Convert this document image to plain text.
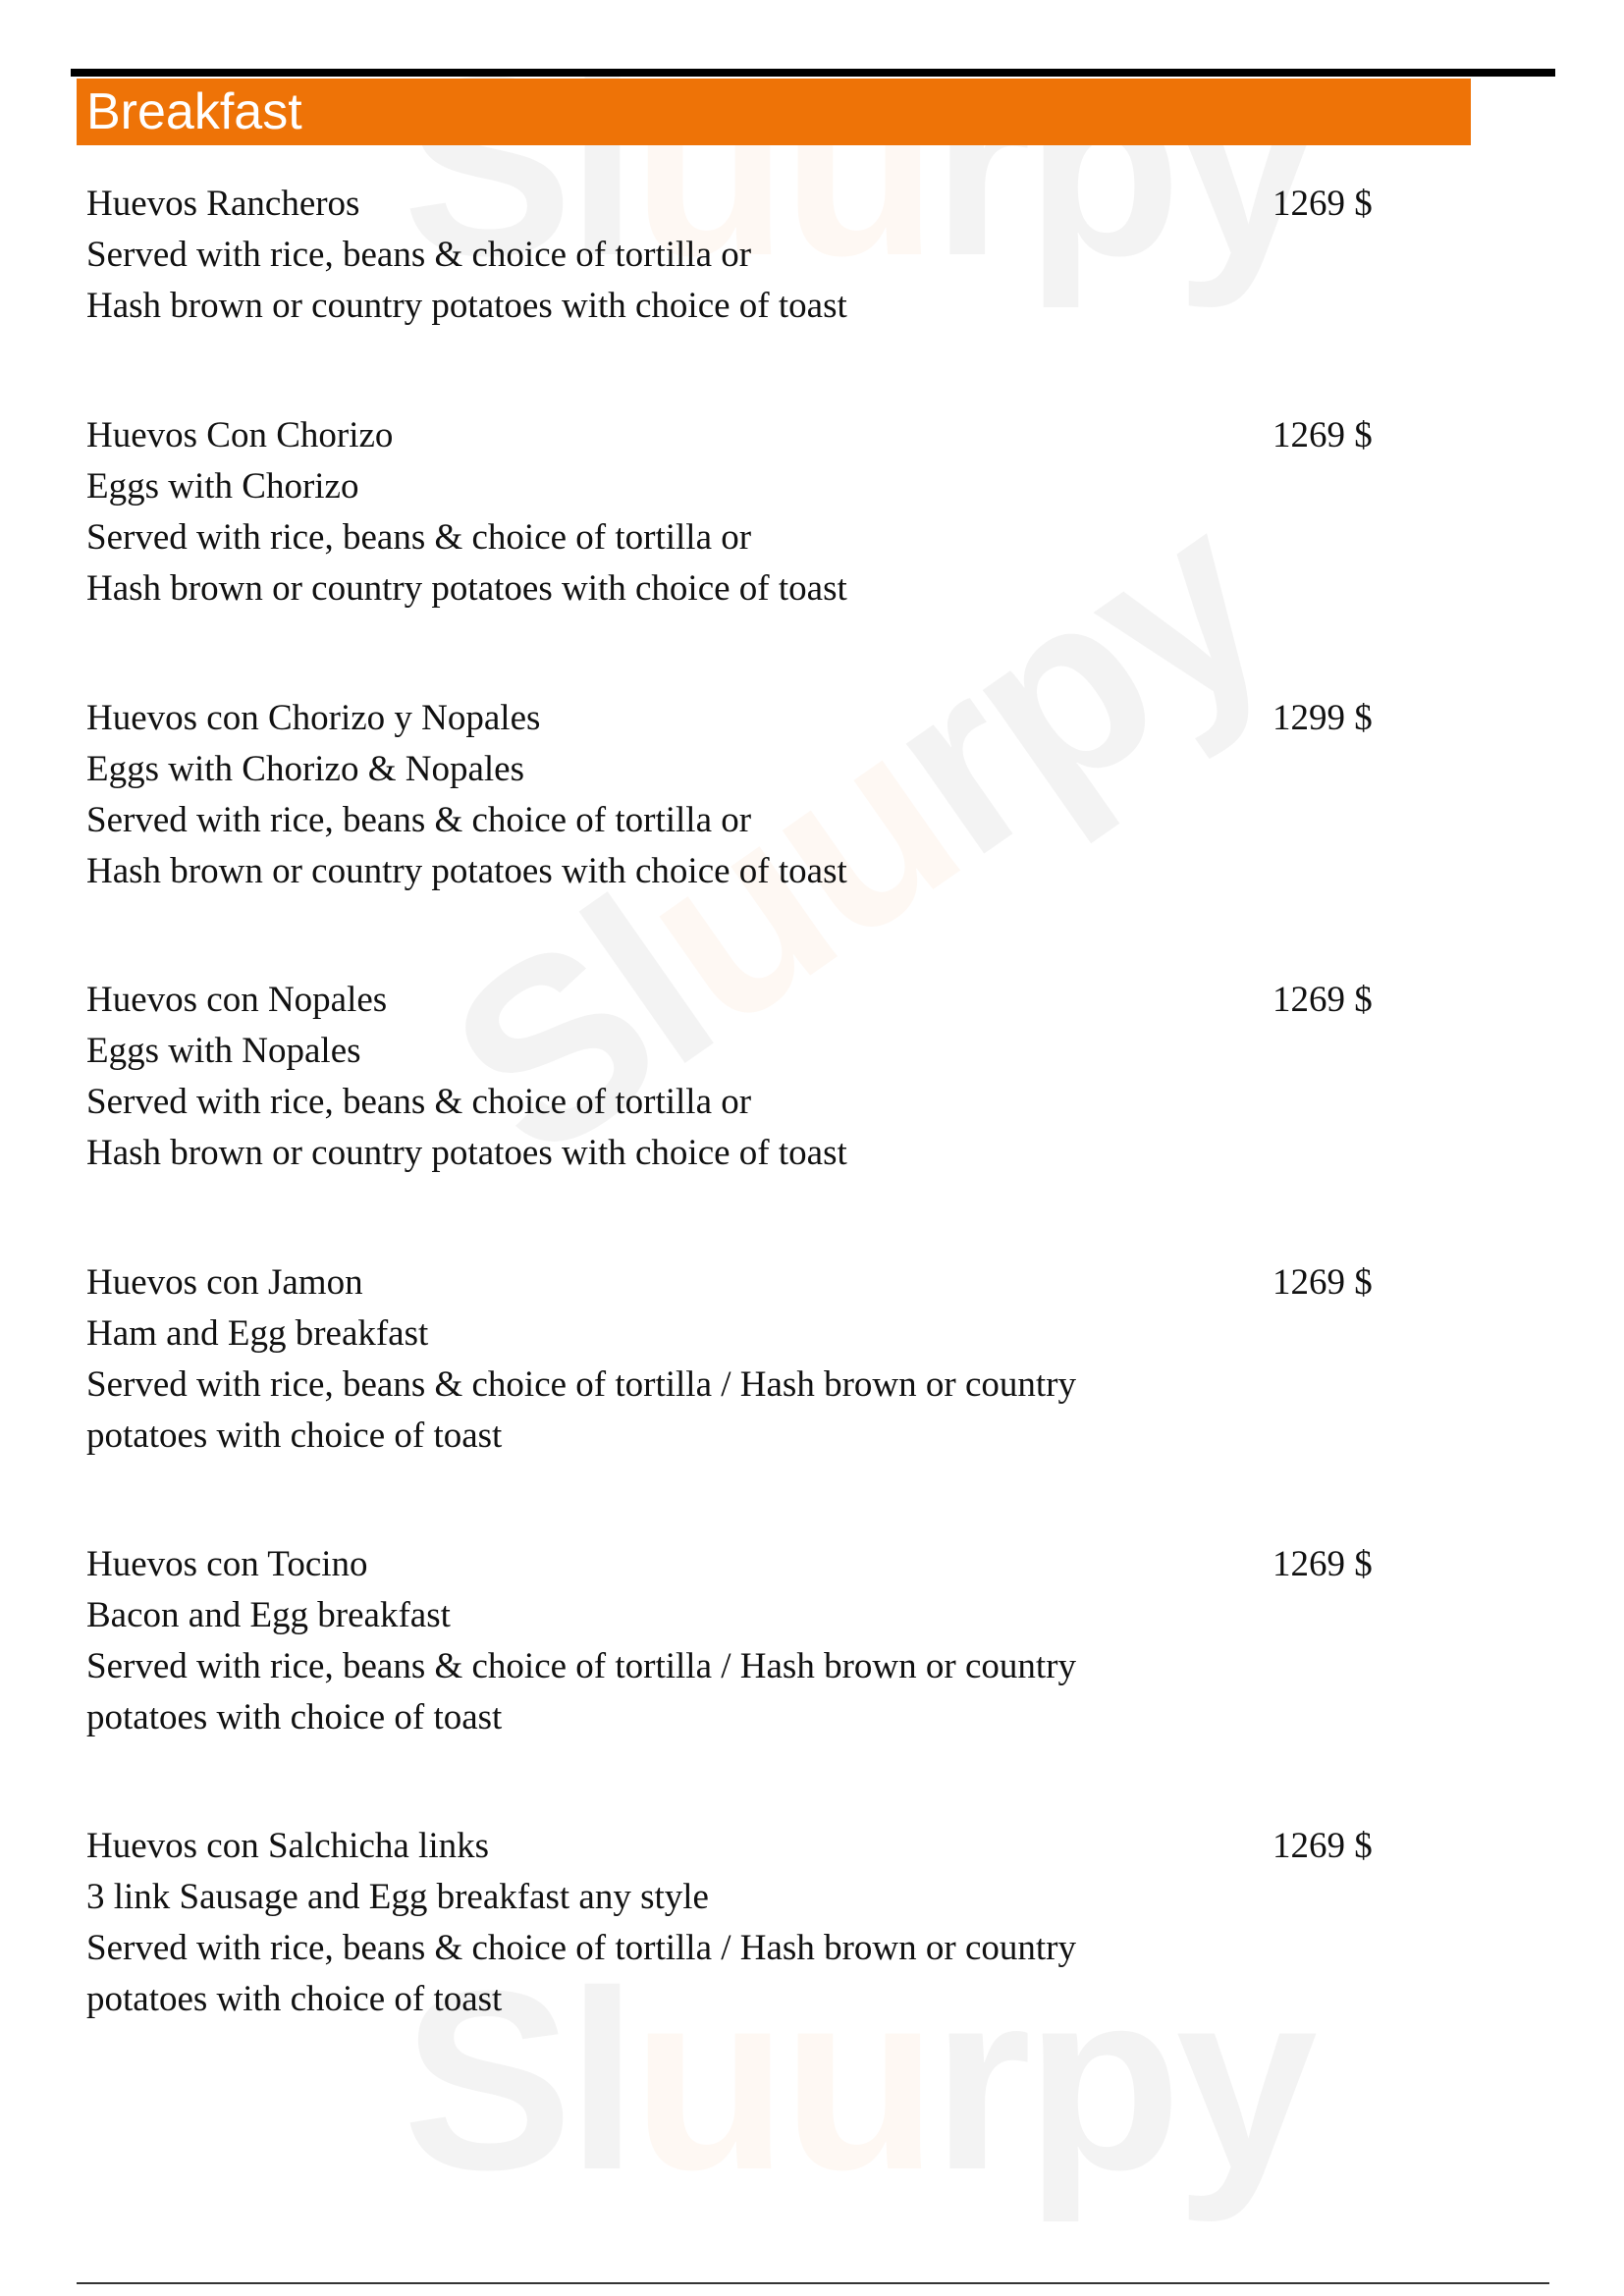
Breakfast
Huevos Rancheros	1269 $
Served with rice, beans & choice of tortilla or
Hash brown or country potatoes with choice of toast
Huevos Con Chorizo	1269 $
Eggs with Chorizo
Served with rice, beans & choice of tortilla or
Hash brown or country potatoes with choice of toast
Huevos con Chorizo y Nopales	1299 $
Eggs with Chorizo & Nopales
Served with rice, beans & choice of tortilla or
Hash brown or country potatoes with choice of toast
Huevos con Nopales	1269 $
Eggs with Nopales
Served with rice, beans & choice of tortilla or
Hash brown or country potatoes with choice of toast
Huevos con Jamon	1269 $
Ham and Egg breakfast
Served with rice, beans & choice of tortilla / Hash brown or country
potatoes with choice of toast
Huevos con Tocino	1269 $
Bacon and Egg breakfast
Served with rice, beans & choice of tortilla / Hash brown or country
potatoes with choice of toast
Huevos con Salchicha links	1269 $
3 link Sausage and Egg breakfast any style
Served with rice, beans & choice of tortilla / Hash brown or country
potatoes with choice of toast
